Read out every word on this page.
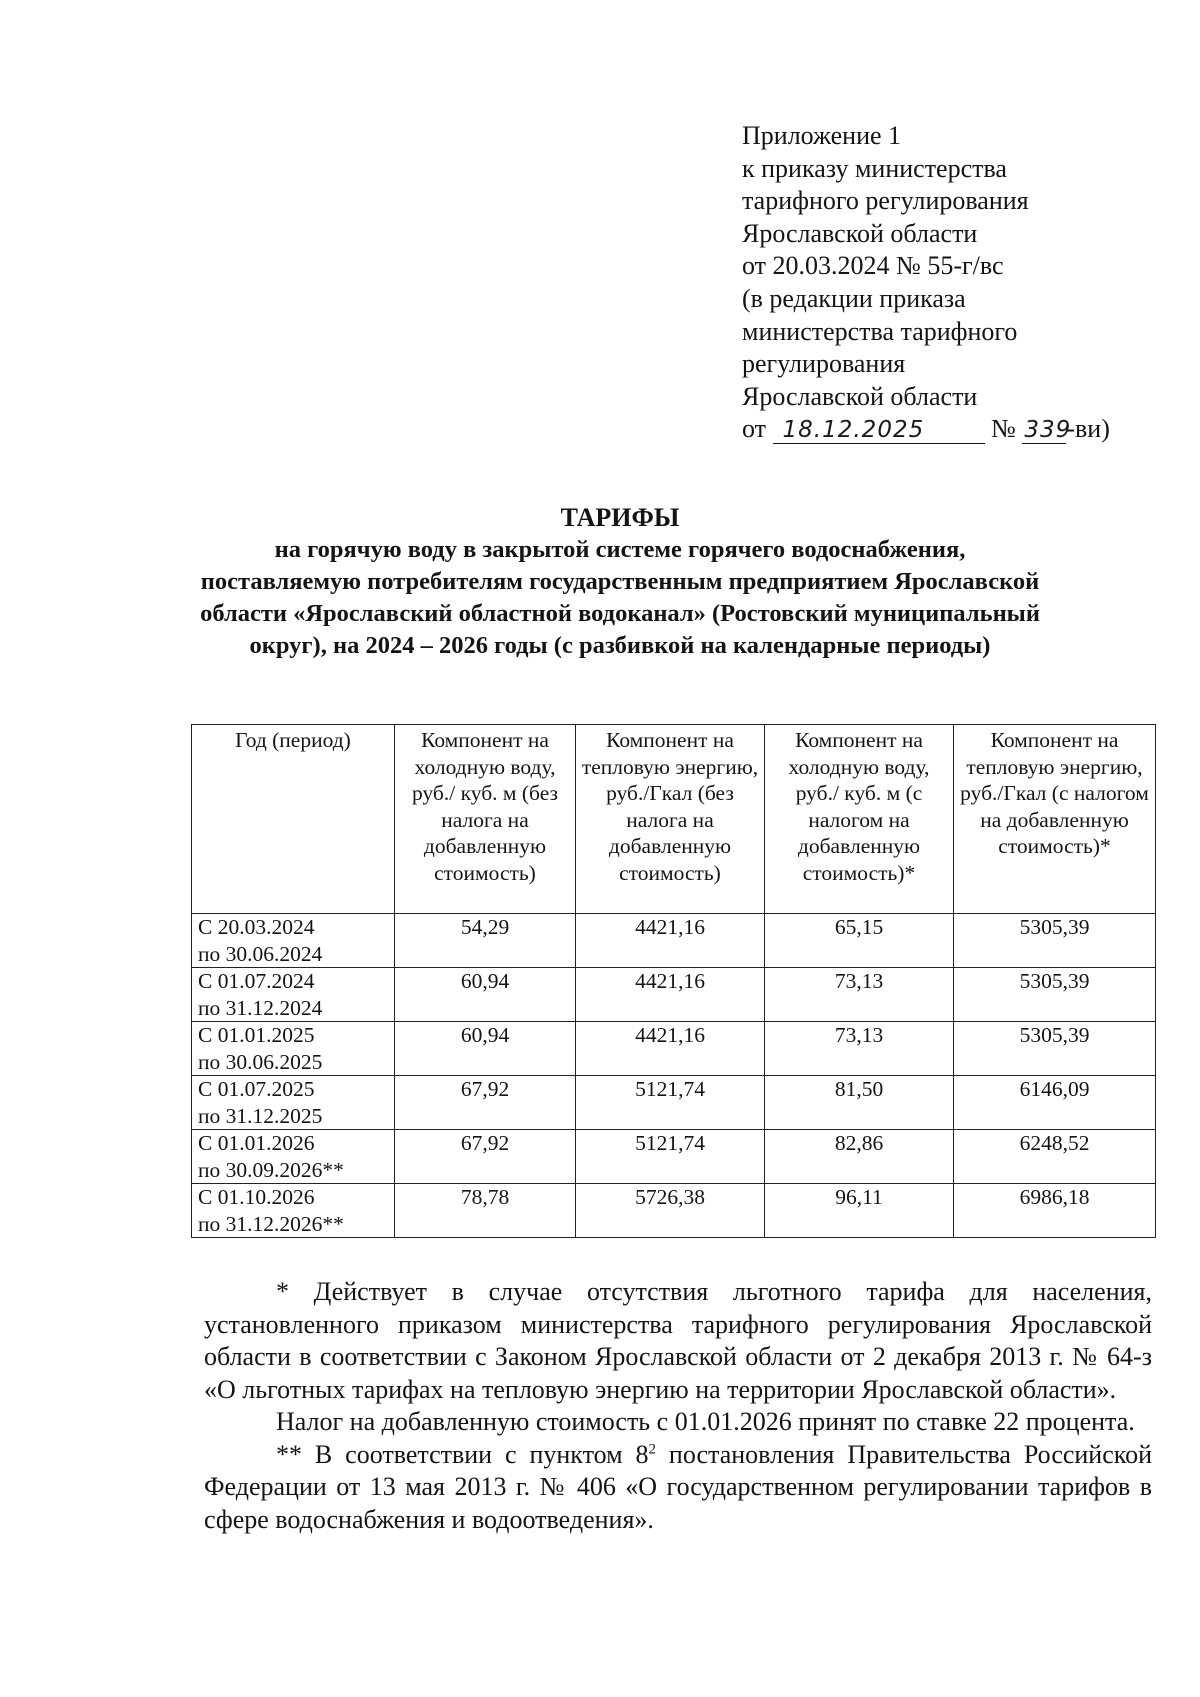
Приложение 1
к приказу министерства
тарифного регулирования
Ярославской области
от 20.03.2024 № 55-г/вс
(в редакции приказа
министерства тарифного
регулирования
Ярославской области
от 18.12.2025	№ 339-ви)
ТАРИФЫ
на горячую воду в закрытой системе горячего водоснабжения, поставляемую потребителям государственным предприятием Ярославской области «Ярославский областной водоканал» (Ростовский муниципальный округ), на 2024 – 2026 годы (с разбивкой на календарные периоды)
Год (период)	Компонент на холодную воду, руб./ куб. м (без налога на добавленную стоимость)	Компонент на тепловую энергию, руб./Гкал (без налога на добавленную стоимость)	Компонент на холодную воду, руб./ куб. м (с налогом на добавленную стоимость)*	Компонент на тепловую энергию, руб./Гкал (с налогом на добавленную стоимость)*

С 20.03.2024
по 30.06.2024	54,29	4421,16	65,15	5305,39

С 01.07.2024
по 31.12.2024	60,94	4421,16	73,13	5305,39

С 01.01.2025
по 30.06.2025	60,94	4421,16	73,13	5305,39

С 01.07.2025
по 31.12.2025	67,92	5121,74	81,50	6146,09

С 01.01.2026
по 30.09.2026**	67,92	5121,74	82,86	6248,52

С 01.10.2026
по 31.12.2026**	78,78	5726,38	96,11	6986,18

* Действует в случае отсутствия льготного тарифа для населения, установленного приказом министерства тарифного регулирования Ярославской области в соответствии с Законом Ярославской области от 2 декабря 2013 г. № 64-з «О льготных тарифах на тепловую энергию на территории Ярославской области».

Налог на добавленную стоимость с 01.01.2026 принят по ставке 22 процента.

** В соответствии с пунктом $8^2$ постановления Правительства Российской Федерации от 13 мая 2013 г. № 406 «О государственном регулировании тарифов в сфере водоснабжения и водоотведения».
